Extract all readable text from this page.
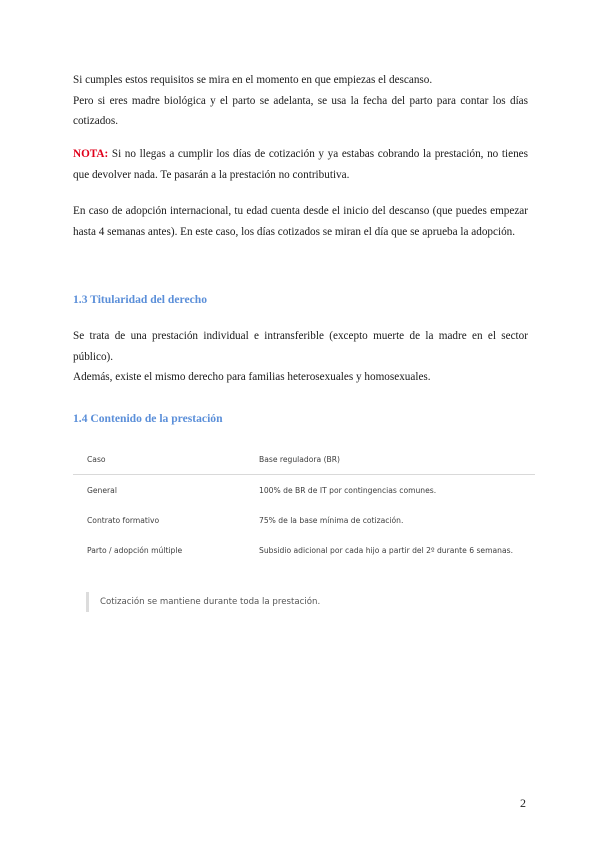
Si cumples estos requisitos se mira en el momento en que empiezas el descanso.
Pero si eres madre biológica y el parto se adelanta, se usa la fecha del parto para contar los días cotizados.

NOTA: Si no llegas a cumplir los días de cotización y ya estabas cobrando la prestación, no tienes que devolver nada. Te pasarán a la prestación no contributiva.

En caso de adopción internacional, tu edad cuenta desde el inicio del descanso (que puedes empezar hasta 4 semanas antes). En este caso, los días cotizados se miran el día que se aprueba la adopción.

1.3 Titularidad del derecho

Se trata de una prestación individual e intransferible (excepto muerte de la madre en el sector público).
Además, existe el mismo derecho para familias heterosexuales y homosexuales.

1.4 Contenido de la prestación
Caso	Base reguladora (BR)
General	100% de BR de IT por contingencias comunes.
Contrato formativo	75% de la base mínima de cotización.
Parto / adopción múltiple	Subsidio adicional por cada hijo a partir del 2º durante 6 semanas.
Cotización se mantiene durante toda la prestación.
2
